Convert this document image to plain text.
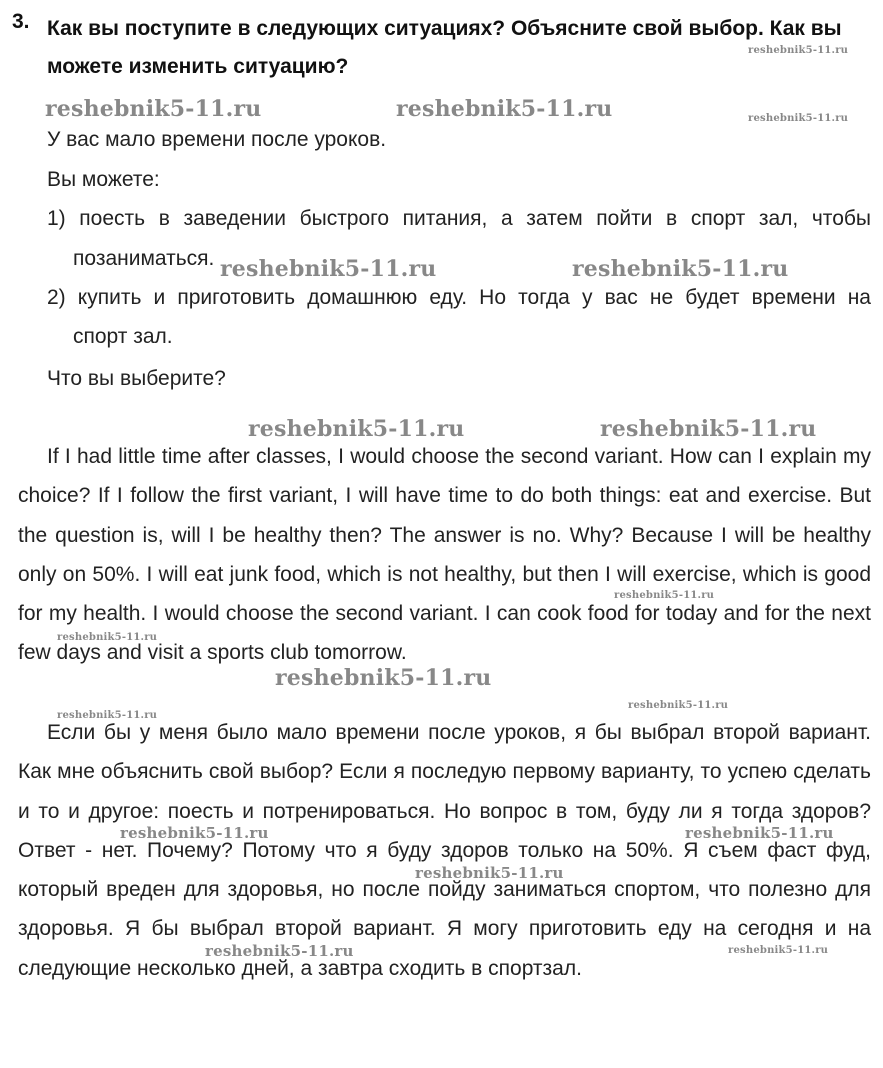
3. Как вы поступите в следующих ситуациях? Объясните свой выбор. Как вы можете изменить ситуацию?
У вас мало времени после уроков.
Вы можете:
1) поесть в заведении быстрого питания, а затем пойти в спорт зал, чтобы
позаниматься.
2) купить и приготовить домашнюю еду. Но тогда у вас не будет времени на
спорт зал.
Что вы выберите?

If I had little time after classes, I would choose the second variant. How can I explain my choice? If I follow the first variant, I will have time to do both things: eat and exercise. But the question is, will I be healthy then? The answer is no. Why? Because I will be healthy only on 50%. I will eat junk food, which is not healthy, but then I will exercise, which is good for my health. I would choose the second variant. I can cook food for today and for the next few days and visit a sports club tomorrow.

Если бы у меня было мало времени после уроков, я бы выбрал второй вариант. Как мне объяснить свой выбор? Если я последую первому варианту, то успею сделать и то и другое: поесть и потренироваться. Но вопрос в том, буду ли я тогда здоров? Ответ - нет. Почему? Потому что я буду здоров только на 50%. Я съем фаст фуд, который вреден для здоровья, но после пойду заниматься спортом, что полезно для здоровья. Я бы выбрал второй вариант. Я могу приготовить еду на сегодня и на следующие несколько дней, а завтра сходить в спортзал.

reshebnik5-11.ru
reshebnik5-11.ru	reshebnik5-11.ru	reshebnik5-11.ru
reshebnik5-11.ru	reshebnik5-11.ru
reshebnik5-11.ru	reshebnik5-11.ru
reshebnik5-11.ru
reshebnik5-11.ru
reshebnik5-11.ru
reshebnik5-11.ru
reshebnik5-11.ru
reshebnik5-11.ru	reshebnik5-11.ru
reshebnik5-11.ru
reshebnik5-11.ru	reshebnik5-11.ru
